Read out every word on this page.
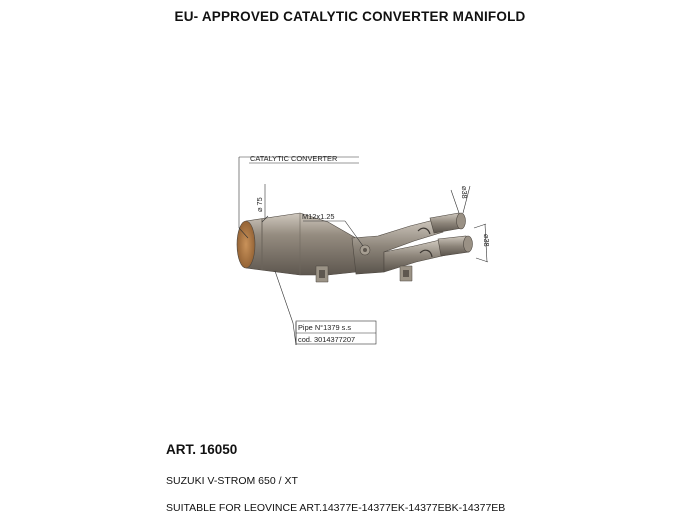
EU- APPROVED CATALYTIC CONVERTER MANIFOLD
CATALYTIC CONVERTER
⌀ 75
M12x1.25
⌀38
⌀38
Pipe N°1379 s.s
cod. 3014377207
ART. 16050
SUZUKI V-STROM 650 / XT
SUITABLE FOR LEOVINCE ART.14377E-14377EK-14377EBK-14377EB
